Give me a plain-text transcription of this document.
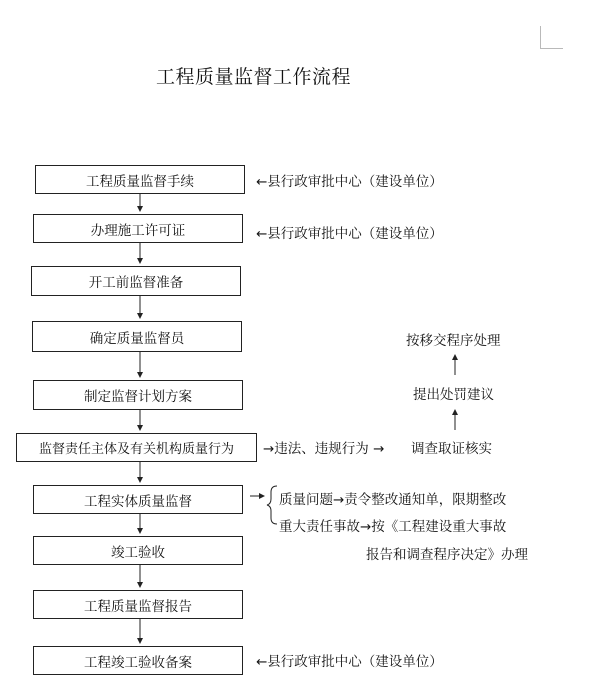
工程质量监督工作流程
工程质量监督手续
办理施工许可证
开工前监督准备
确定质量监督员
制定监督计划方案
监督责任主体及有关机构质量行为
工程实体质量监督
竣工验收
工程质量监督报告
工程竣工验收备案
←县行政审批中心（建设单位）
←县行政审批中心（建设单位）
←县行政审批中心（建设单位）
按移交程序处理
提出处罚建议
→违法、违规行为 → 调查取证核实
质量问题→责令整改通知单，限期整改
重大责任事故→按《工程建设重大事故
报告和调查程序决定》办理
